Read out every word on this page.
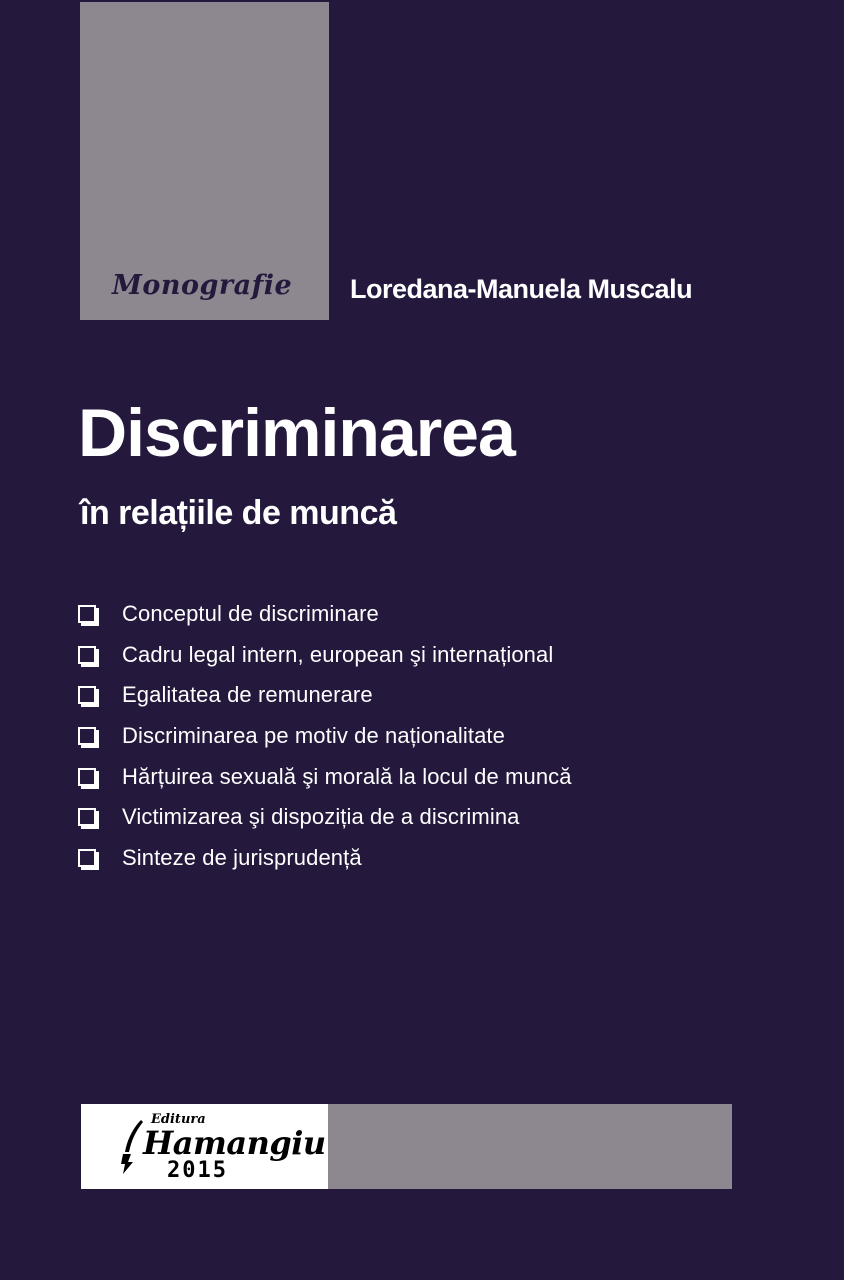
Monografie Loredana-Manuela Muscalu
Discriminarea
în relațiile de muncă
Conceptul de discriminare
Cadru legal intern, european şi internațional
Egalitatea de remunerare
Discriminarea pe motiv de naționalitate
Hărțuirea sexuală şi morală la locul de muncă
Victimizarea şi dispoziția de a discrimina
Sinteze de jurisprudență
Editura
Hamangiu
2015
